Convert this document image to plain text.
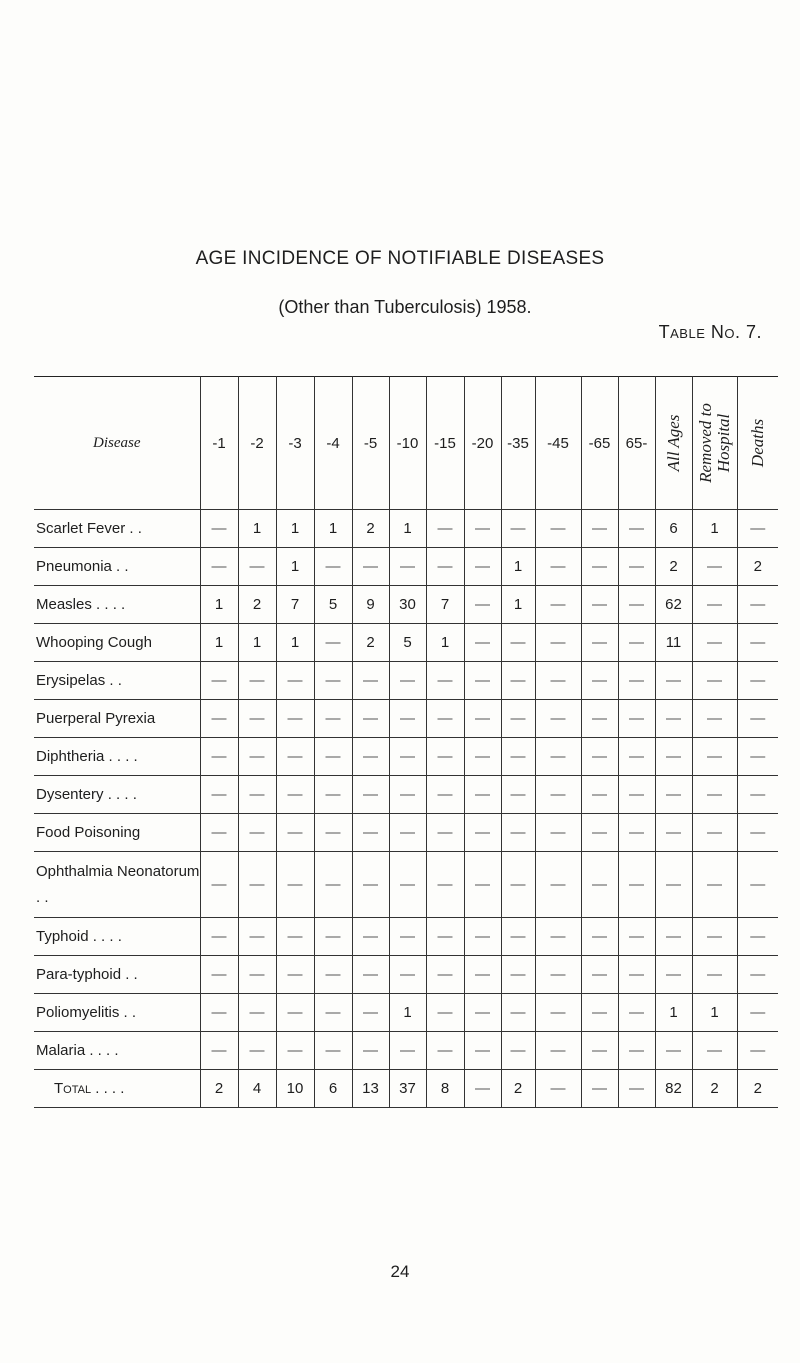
AGE INCIDENCE OF NOTIFIABLE DISEASES
(Other than Tuberculosis) 1958.
Table No. 7.
Disease	-1	-2	-3	-4	-5	-10	-15	-20	-35	-45	-65	65-	All Ages	Removed to Hospital	Deaths

Scarlet Fever . .	—	1	1	1	2	1	—	—	—	—	—	—	6	1	—
Pneumonia . .	—	—	1	—	—	—	—	—	1	—	—	—	2	—	2
Measles . . . .	1	2	7	5	9	30	7	—	1	—	—	—	62	—	—
Whooping Cough	1	1	1	—	2	5	1	—	—	—	—	—	11	—	—
Erysipelas . .	—	—	—	—	—	—	—	—	—	—	—	—	—	—	—
Puerperal Pyrexia	—	—	—	—	—	—	—	—	—	—	—	—	—	—	—
Diphtheria . . . .	—	—	—	—	—	—	—	—	—	—	—	—	—	—	—
Dysentery . . . .	—	—	—	—	—	—	—	—	—	—	—	—	—	—	—
Food Poisoning	—	—	—	—	—	—	—	—	—	—	—	—	—	—	—
Ophthalmia Neonatorum . .	—	—	—	—	—	—	—	—	—	—	—	—	—	—	—
Typhoid . . . .	—	—	—	—	—	—	—	—	—	—	—	—	—	—	—
Para-typhoid . .	—	—	—	—	—	—	—	—	—	—	—	—	—	—	—
Poliomyelitis . .	—	—	—	—	—	1	—	—	—	—	—	—	1	1	—
Malaria . . . .	—	—	—	—	—	—	—	—	—	—	—	—	—	—	—
Total . . . .	2	4	10	6	13	37	8	—	2	—	—	—	82	2	2
24
